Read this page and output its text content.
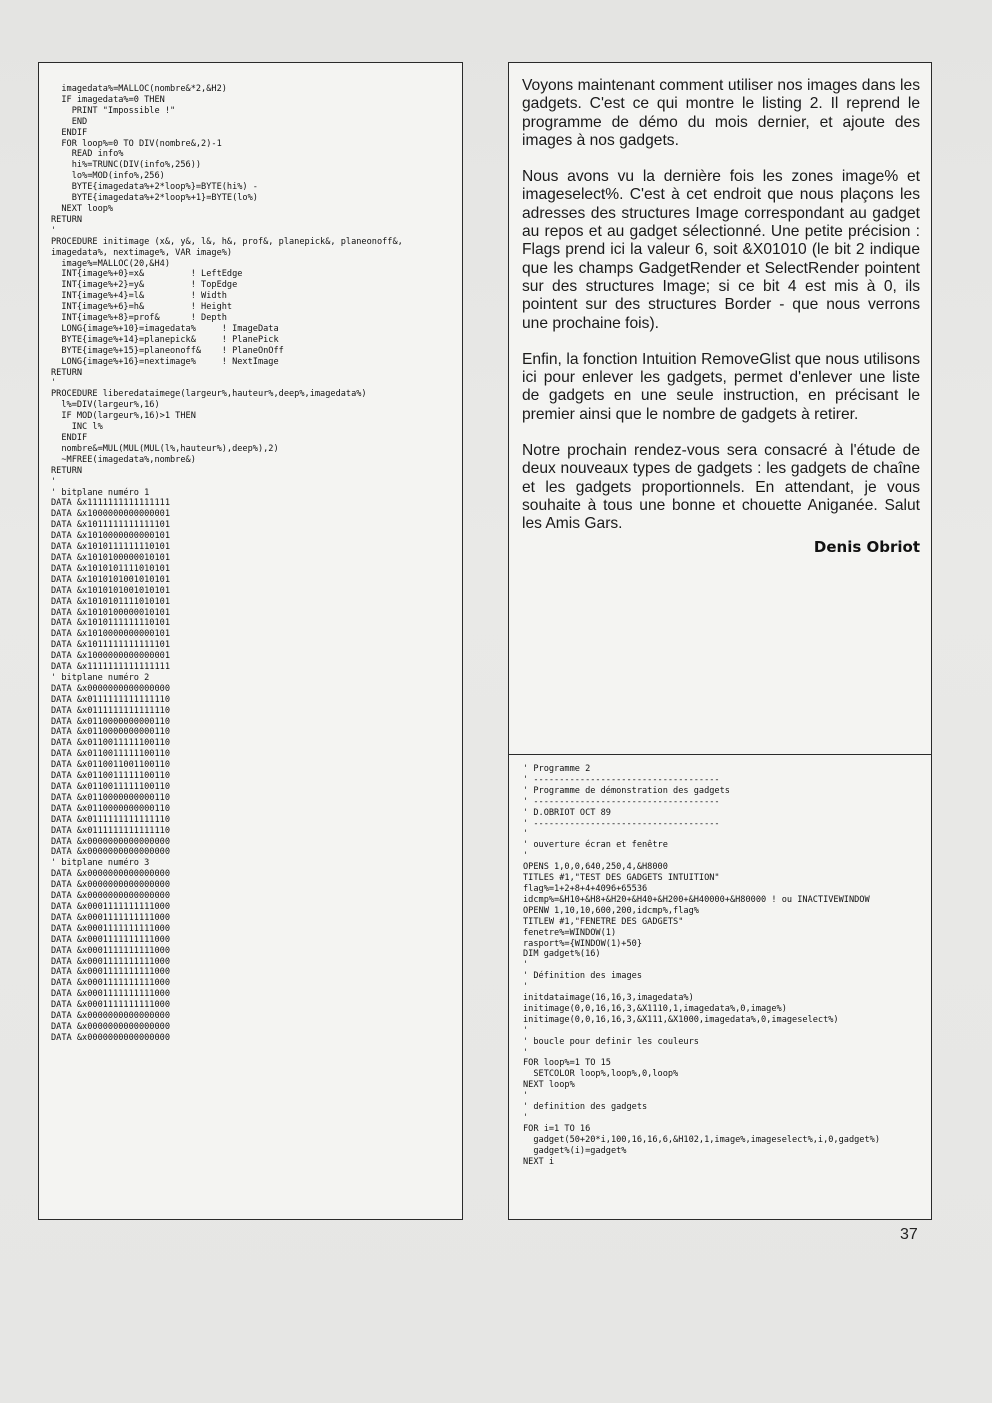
imagedata%=MALLOC(nombre&*2,&H2)
IF imagedata%=0 THEN
PRINT "Impossible !"
END
ENDIF
FOR loop%=0 TO DIV(nombre&,2)-1
READ info%
hi%=TRUNC(DIV(info%,256))
lo%=MOD(info%,256)
BYTE{imagedata%+2*loop%}=BYTE(hi%) -
BYTE{imagedata%+2*loop%+1}=BYTE(lo%)
NEXT loop%
RETURN
'
PROCEDURE initimage (x&, y&, l&, h&, prof&, planepick&, planeonoff&,
imagedata%, nextimage%, VAR image%)
image%=MALLOC(20,&H4)
INT{image%+0}=x&         ! LeftEdge
INT{image%+2}=y&         ! TopEdge
INT{image%+4}=l&         ! Width
INT{image%+6}=h&         ! Height
INT{image%+8}=prof&      ! Depth
LONG{image%+10}=imagedata%     ! ImageData
BYTE{image%+14}=planepick&     ! PlanePick
BYTE{image%+15}=planeonoff&    ! PlaneOnOff
LONG{image%+16}=nextimage%     ! NextImage
RETURN
'
PROCEDURE liberedataimege(largeur%,hauteur%,deep%,imagedata%)
l%=DIV(largeur%,16)
IF MOD(largeur%,16)>1 THEN
INC l%
ENDIF
nombre&=MUL(MUL(MUL(l%,hauteur%),deep%),2)
~MFREE(imagedata%,nombre&)
RETURN
'
' bitplane numéro 1
DATA &x1111111111111111
DATA &x1000000000000001
DATA &x1011111111111101
DATA &x1010000000000101
DATA &x1010111111110101
DATA &x1010100000010101
DATA &x1010101111010101
DATA &x1010101001010101
DATA &x1010101001010101
DATA &x1010101111010101
DATA &x1010100000010101
DATA &x1010111111110101
DATA &x1010000000000101
DATA &x1011111111111101
DATA &x1000000000000001
DATA &x1111111111111111
' bitplane numéro 2
DATA &x0000000000000000
DATA &x0111111111111110
DATA &x0111111111111110
DATA &x0110000000000110
DATA &x0110000000000110
DATA &x0110011111100110
DATA &x0110011111100110
DATA &x0110011001100110
DATA &x0110011111100110
DATA &x0110011111100110
DATA &x0110000000000110
DATA &x0110000000000110
DATA &x0111111111111110
DATA &x0111111111111110
DATA &x0000000000000000
DATA &x0000000000000000
' bitplane numéro 3
DATA &x0000000000000000
DATA &x0000000000000000
DATA &x0000000000000000
DATA &x0001111111111000
DATA &x0001111111111000
DATA &x0001111111111000
DATA &x0001111111111000
DATA &x0001111111111000
DATA &x0001111111111000
DATA &x0001111111111000
DATA &x0001111111111000
DATA &x0001111111111000
DATA &x0001111111111000
DATA &x0000000000000000
DATA &x0000000000000000
DATA &x0000000000000000

Voyons maintenant comment utiliser nos images dans les gadgets. C'est ce qui montre le listing 2. Il reprend le programme de démo du mois dernier, et ajoute des images à nos gadgets.

Nous avons vu la dernière fois les zones image% et imageselect%. C'est à cet endroit que nous plaçons les adresses des structures Image correspondant au gadget au repos et au gadget sélectionné. Une petite précision : Flags prend ici la valeur 6, soit &X01010 (le bit 2 indique que les champs GadgetRender et SelectRender pointent sur des structures Image; si ce bit 4 est mis à 0, ils pointent sur des structures Border - que nous verrons une prochaine fois).

Enfin, la fonction Intuition RemoveGlist que nous utilisons ici pour enlever les gadgets, permet d'enlever une liste de gadgets en une seule instruction, en précisant le premier ainsi que le nombre de gadgets à retirer.

Notre prochain rendez-vous sera consacré à l'étude de deux nouveaux types de gadgets : les gadgets de chaîne et les gadgets proportionnels. En attendant, je vous souhaite à tous une bonne et chouette Aniganée. Salut les Amis Gars.

Denis Obriot

' Programme 2
' ------------------------------------
' Programme de démonstration des gadgets
' ------------------------------------
' D.OBRIOT OCT 89
' ------------------------------------
'
' ouverture écran et fenêtre
'
OPENS 1,0,0,640,250,4,&H8000
TITLES #1,"TEST DES GADGETS INTUITION"
flag%=1+2+8+4+4096+65536
idcmp%=&H10+&H8+&H20+&H40+&H200+&H40000+&H80000 ! ou INACTIVEWINDOW
OPENW 1,10,10,600,200,idcmp%,flag%
TITLEW #1,"FENETRE DES GADGETS"
fenetre%=WINDOW(1)
rasport%={WINDOW(1)+50}
DIM gadget%(16)
'
' Définition des images
'
initdataimage(16,16,3,imagedata%)
initimage(0,0,16,16,3,&X1110,1,imagedata%,0,image%)
initimage(0,0,16,16,3,&X111,&X1000,imagedata%,0,imageselect%)
'
' boucle pour definir les couleurs
'
FOR loop%=1 TO 15
SETCOLOR loop%,loop%,0,loop%
NEXT loop%
'
' definition des gadgets
'
FOR i=1 TO 16
gadget(50+20*i,100,16,16,6,&H102,1,image%,imageselect%,i,0,gadget%)
gadget%(i)=gadget%
NEXT i
37
